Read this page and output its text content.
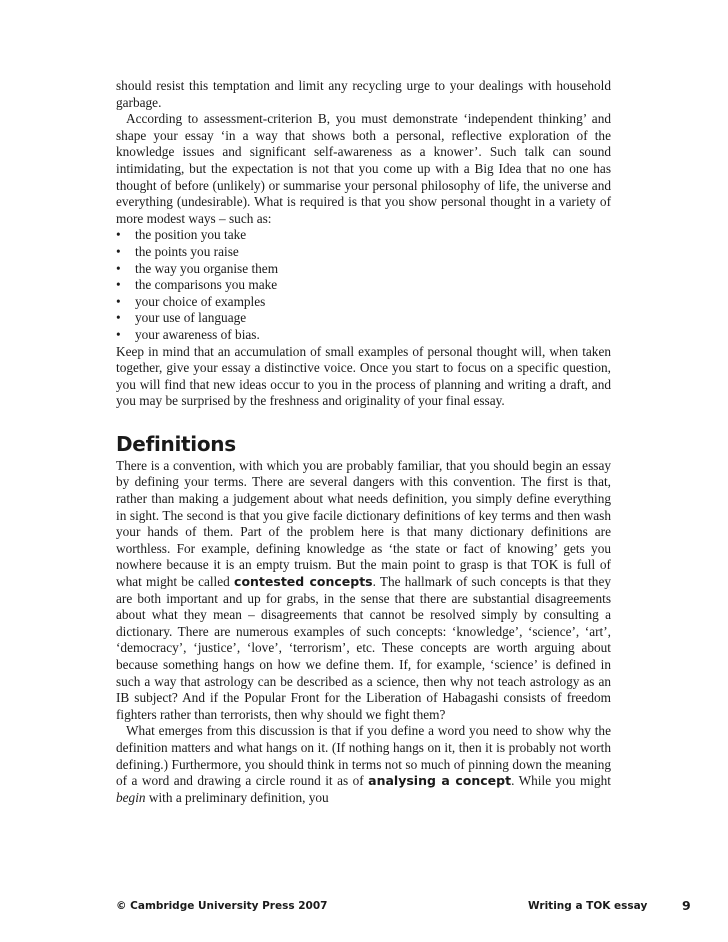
should resist this temptation and limit any recycling urge to your dealings with household garbage.

According to assessment-criterion B, you must demonstrate ‘independent thinking’ and shape your essay ‘in a way that shows both a personal, reflective exploration of the knowledge issues and significant self-awareness as a knower’. Such talk can sound intimidating, but the expectation is not that you come up with a Big Idea that no one has thought of before (unlikely) or summarise your personal philosophy of life, the universe and everything (undesirable). What is required is that you show personal thought in a variety of more modest ways – such as:

• the position you take
• the points you raise
• the way you organise them
• the comparisons you make
• your choice of examples
• your use of language
• your awareness of bias.

Keep in mind that an accumulation of small examples of personal thought will, when taken together, give your essay a distinctive voice. Once you start to focus on a specific question, you will find that new ideas occur to you in the process of planning and writing a draft, and you may be surprised by the freshness and originality of your final essay.

Definitions

There is a convention, with which you are probably familiar, that you should begin an essay by defining your terms. There are several dangers with this convention. The first is that, rather than making a judgement about what needs definition, you simply define everything in sight. The second is that you give facile dictionary definitions of key terms and then wash your hands of them. Part of the problem here is that many dictionary definitions are worthless. For example, defining knowledge as ‘the state or fact of knowing’ gets you nowhere because it is an empty truism. But the main point to grasp is that TOK is full of what might be called contested concepts. The hallmark of such concepts is that they are both important and up for grabs, in the sense that there are substantial disagreements about what they mean – disagreements that cannot be resolved simply by consulting a dictionary. There are numerous examples of such concepts: ‘knowledge’, ‘science’, ‘art’, ‘democracy’, ‘justice’, ‘love’, ‘terrorism’, etc. These concepts are worth arguing about because something hangs on how we define them. If, for example, ‘science’ is defined in such a way that astrology can be described as a science, then why not teach astrology as an IB subject? And if the Popular Front for the Liberation of Habagashi consists of freedom fighters rather than terrorists, then why should we fight them?

What emerges from this discussion is that if you define a word you need to show why the definition matters and what hangs on it. (If nothing hangs on it, then it is probably not worth defining.) Furthermore, you should think in terms not so much of pinning down the meaning of a word and drawing a circle round it as of analysing a concept. While you might begin with a preliminary definition, you

© Cambridge University Press 2007	Writing a TOK essay	9
